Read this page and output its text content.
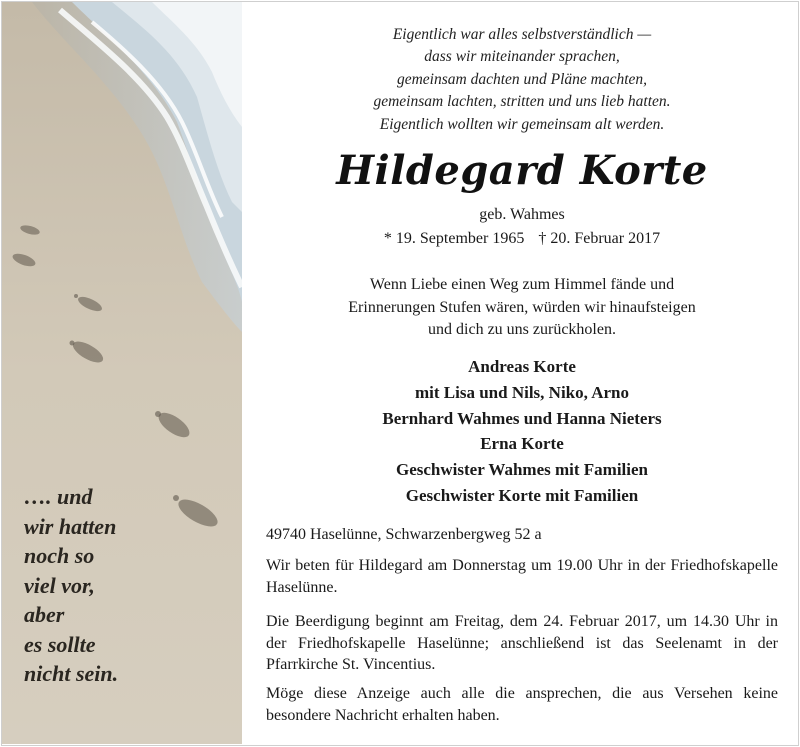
…. und
wir hatten
noch so
viel vor,
aber
es sollte
nicht sein.
Eigentlich war alles selbstverständlich —
dass wir miteinander sprachen,
gemeinsam dachten und Pläne machten,
gemeinsam lachten, stritten und uns lieb hatten.
Eigentlich wollten wir gemeinsam alt werden.
Hildegard Korte
geb. Wahmes
* 19. September 1965 † 20. Februar 2017
Wenn Liebe einen Weg zum Himmel fände und
Erinnerungen Stufen wären, würden wir hinaufsteigen
und dich zu uns zurückholen.
Andreas Korte
mit Lisa und Nils, Niko, Arno
Bernhard Wahmes und Hanna Nieters
Erna Korte
Geschwister Wahmes mit Familien
Geschwister Korte mit Familien
49740 Haselünne, Schwarzenbergweg 52 a
Wir beten für Hildegard am Donnerstag um 19.00 Uhr in der Friedhofskapelle Haselünne.
Die Beerdigung beginnt am Freitag, dem 24. Februar 2017, um 14.30 Uhr in der Friedhofskapelle Haselünne; anschließend ist das Seelenamt in der Pfarrkirche St. Vincentius.
Möge diese Anzeige auch alle die ansprechen, die aus Versehen keine besondere Nachricht erhalten haben.
